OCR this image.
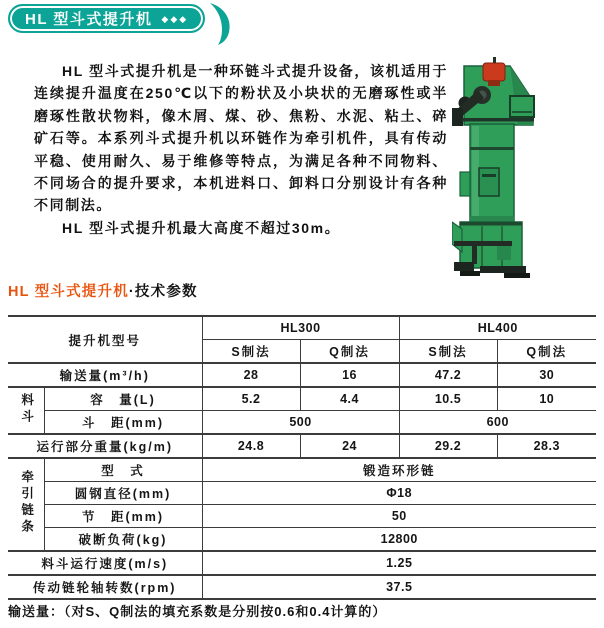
HL 型斗式提升机 ◆◆◆

HL 型斗式提升机是一种环链斗式提升设备，该机适用于连续提升温度在250℃以下的粉状及小块状的无磨琢性或半磨琢性散状物料，像木屑、煤、砂、焦粉、水泥、粘土、碎矿石等。本系列斗式提升机以环链作为牵引机件，具有传动平稳、使用耐久、易于维修等特点，为满足各种不同物料、不同场合的提升要求，本机进料口、卸料口分别设计有各种不同制法。

HL 型斗式提升机最大高度不超过30m。

HL 型斗式提升机·技术参数
提升机型号		HL300		HL400	
		S制法	Q制法	S制法	Q制法
输送量(m³/h)		28	16	47.2	30
料斗	容　量(L)	5.2	4.4	10.5	10
	斗　距(mm)	500		600	
运行部分重量(kg/m)		24.8	24	29.2	28.3
牵引链条	型　式	锻造环形链			
	圆钢直径(mm)	Φ18			
	节　距(mm)	50			
	破断负荷(kg)	12800			
料斗运行速度(m/s)		1.25			
传动链轮轴转数(rpm)		37.5			

输送量：（对S、Q制法的填充系数是分别按0.6和0.4计算的）
